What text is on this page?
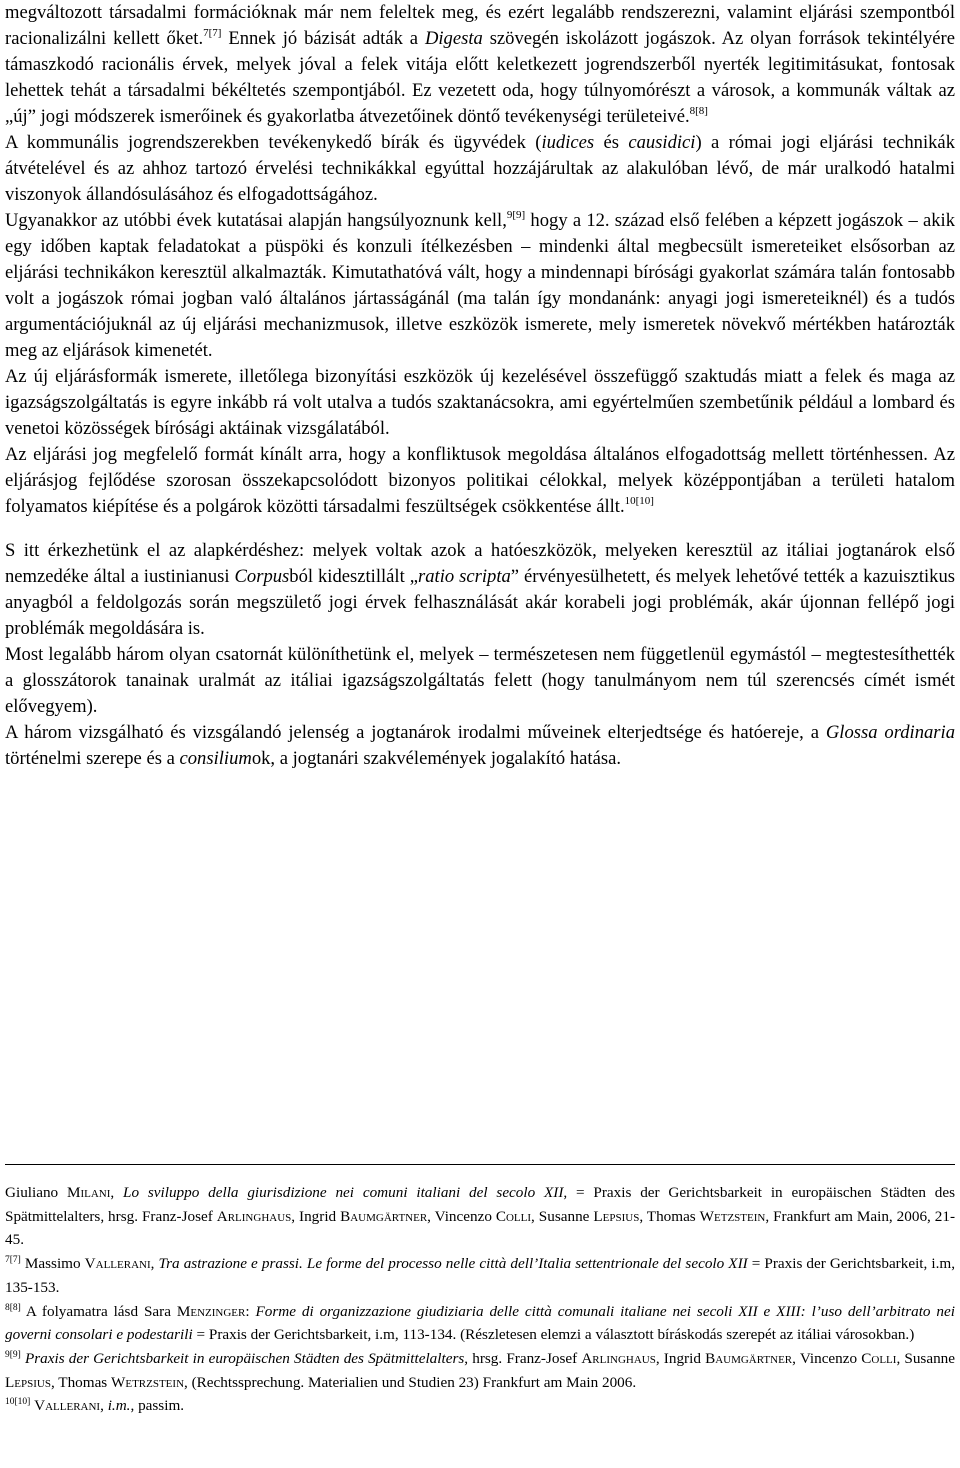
megváltozott társadalmi formációknak már nem feleltek meg, és ezért legalább rendszerezni, valamint eljárási szempontból racionalizálni kellett őket.$^{7[7]}$ Ennek jó bázisát adták a Digesta szövegén iskolázott jogászok. Az olyan források tekintélyére támaszkodó racionális érvek, melyek jóval a felek vitája előtt keletkezett jogrendszerből nyerték legitimitásukat, fontosak lehettek tehát a társadalmi békéltetés szempontjából. Ez vezetett oda, hogy túlnyomórészt a városok, a kommunák váltak az „új” jogi módszerek ismerőinek és gyakorlatba átvezetőinek döntő tevékenységi területeivé.$^{8[8]}$

A kommunális jogrendszerekben tevékenykedő bírák és ügyvédek (iudices és causidici) a római jogi eljárási technikák átvételével és az ahhoz tartozó érvelési technikákkal egyúttal hozzájárultak az alakulóban lévő, de már uralkodó hatalmi viszonyok állandósulásához és elfogadottságához.

Ugyanakkor az utóbbi évek kutatásai alapján hangsúlyoznunk kell,$^{9[9]}$ hogy a 12. század első felében a képzett jogászok – akik egy időben kaptak feladatokat a püspöki és konzuli ítélkezésben – mindenki által megbecsült ismereteiket elsősorban az eljárási technikákon keresztül alkalmazták. Kimutathatóvá vált, hogy a mindennapi bírósági gyakorlat számára talán fontosabb volt a jogászok római jogban való általános jártasságánál (ma talán így mondanánk: anyagi jogi ismereteiknél) és a tudós argumentációjuknál az új eljárási mechanizmusok, illetve eszközök ismerete, mely ismeretek növekvő mértékben határozták meg az eljárások kimenetét.

Az új eljárásformák ismerete, illetőlega bizonyítási eszközök új kezelésével összefüggő szaktudás miatt a felek és maga az igazságszolgáltatás is egyre inkább rá volt utalva a tudós szaktanácsokra, ami egyértelműen szembetűnik például a lombard és venetoi közösségek bírósági aktáinak vizsgálatából.

Az eljárási jog megfelelő formát kínált arra, hogy a konfliktusok megoldása általános elfogadottság mellett történhessen. Az eljárásjog fejlődése szorosan összekapcsolódott bizonyos politikai célokkal, melyek középpontjában a területi hatalom folyamatos kiépítése és a polgárok közötti társadalmi feszültségek csökkentése állt.$^{10[10]}$

S itt érkezhetünk el az alapkérdéshez: melyek voltak azok a hatóeszközök, melyeken keresztül az itáliai jogtanárok első nemzedéke által a iustinianusi Corpusból kidesztillált „ratio scripta” érvényesülhetett, és melyek lehetővé tették a kazuisztikus anyagból a feldolgozás során megszülető jogi érvek felhasználását akár korabeli jogi problémák, akár újonnan fellépő jogi problémák megoldására is.

Most legalább három olyan csatornát különíthetünk el, melyek – természetesen nem függetlenül egymástól – megtestesíthették a glosszátorok tanainak uralmát az itáliai igazságszolgáltatás felett (hogy tanulmányom nem túl szerencsés címét ismét elővegyem).

A három vizsgálható és vizsgálandó jelenség a jogtanárok irodalmi műveinek elterjedtsége és hatóereje, a Glossa ordinaria történelmi szerepe és a consiliumok, a jogtanári szakvélemények jogalakító hatása.

Giuliano Milani, Lo sviluppo della giurisdizione nei comuni italiani del secolo XII, = Praxis der Gerichtsbarkeit in europäischen Städten des Spätmittelalters, hrsg. Franz-Josef Arlinghaus, Ingrid Baumgärtner, Vincenzo Colli, Susanne Lepsius, Thomas Wetzstein, Frankfurt am Main, 2006, 21-45.

$^{7[7]}$ Massimo Vallerani, Tra astrazione e prassi. Le forme del processo nelle città dell’Italia settentrionale del secolo XII = Praxis der Gerichtsbarkeit, i.m, 135-153.

$^{8[8]}$ A folyamatra lásd Sara Menzinger: Forme di organizzazione giudiziaria delle città comunali italiane nei secoli XII e XIII: l’uso dell’arbitrato nei governi consolari e podestarili = Praxis der Gerichtsbarkeit, i.m, 113-134. (Részletesen elemzi a választott bíráskodás szerepét az itáliai városokban.)

$^{9[9]}$ Praxis der Gerichtsbarkeit in europäischen Städten des Spätmittelalters, hrsg. Franz-Josef Arlinghaus, Ingrid Baumgärtner, Vincenzo Colli, Susanne Lepsius, Thomas Wetrzstein, (Rechtssprechung. Materialien und Studien 23) Frankfurt am Main 2006.

$^{10[10]}$ Vallerani, i.m., passim.
